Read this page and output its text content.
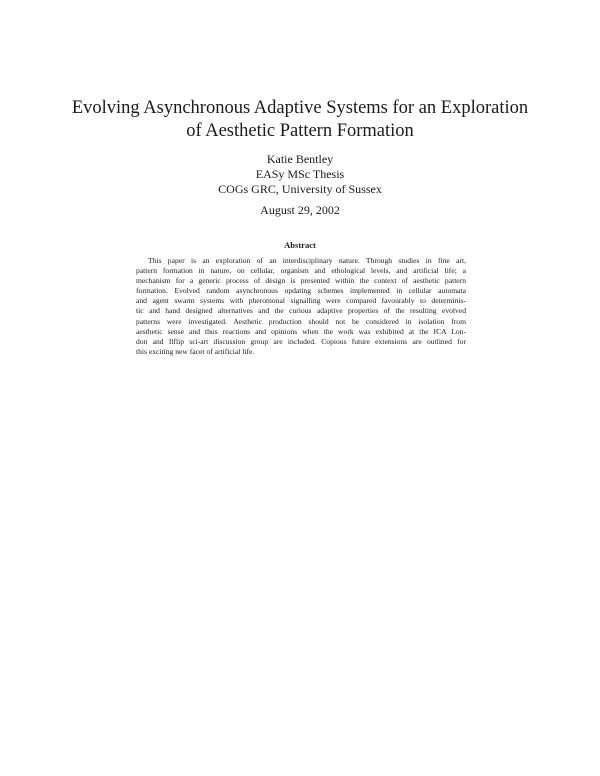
Evolving Asynchronous Adaptive Systems for an Exploration
of Aesthetic Pattern Formation
Katie Bentley
EASy MSc Thesis
COGs GRC, University of Sussex
August 29, 2002
Abstract
This paper is an exploration of an interdisciplinary nature. Through studies in fine art,
pattern formation in nature, on cellular, organism and ethological levels, and artificial life; a
mechanism for a generic process of design is presented within the context of aesthetic pattern
formation. Evolved random asynchronous updating schemes implemented in cellular automata
and agent swarm systems with pheromonal signalling were compared favourably to determinis-
tic and hand designed alternatives and the curious adaptive properties of the resulting evolved
patterns were investigated. Aesthetic production should not be considered in isolation from
aesthetic sense and thus reactions and opinions when the work was exhibited at the ICA Lon-
don and Ilflip sci-art discussion group are included. Copious future extensions are outlined for
this exciting new facet of artificial life.
